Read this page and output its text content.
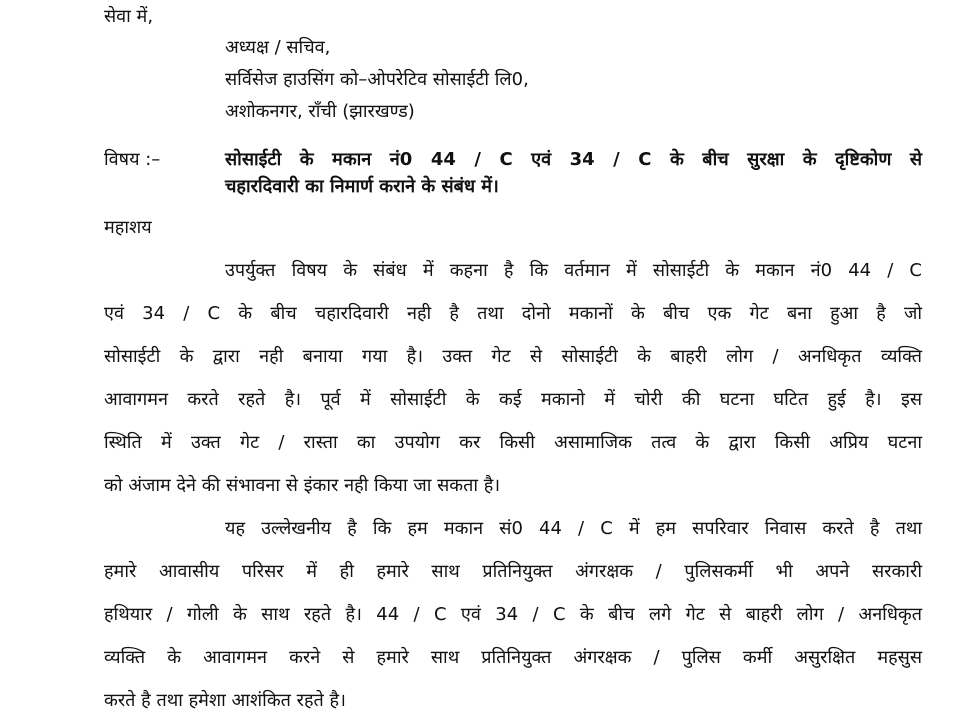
सेवा में,
अध्यक्ष / सचिव,
सर्विसेज हाउसिंग को–ओपरेटिव सोसाईटी लि0,
अशोकनगर, राँची (झारखण्ड)
विषय :–	सोसाईटी के मकान नं0 44 / C एवं 34 / C के बीच सुरक्षा के दृष्टिकोण से
चहारदिवारी का निमार्ण कराने के संबंध में।
महाशय
उपर्युक्त विषय के संबंध में कहना है कि वर्तमान में सोसाईटी के मकान नं0 44 / C
एवं 34 / C के बीच चहारदिवारी नही है तथा दोनो मकानों के बीच एक गेट बना हुआ है जो
सोसाईटी के द्वारा नही बनाया गया है। उक्त गेट से सोसाईटी के बाहरी लोग / अनधिकृत व्यक्ति
आवागमन करते रहते है। पूर्व में सोसाईटी के कई मकानो में चोरी की घटना घटित हुई है। इस
स्थिति में उक्त गेट / रास्ता का उपयोग कर किसी असामाजिक तत्व के द्वारा किसी अप्रिय घटना
को अंजाम देने की संभावना से इंकार नही किया जा सकता है।
यह उल्लेखनीय है कि हम मकान सं0 44 / C में हम सपरिवार निवास करते है तथा
हमारे आवासीय परिसर में ही हमारे साथ प्रतिनियुक्त अंगरक्षक / पुलिसकर्मी भी अपने सरकारी
हथियार / गोली के साथ रहते है। 44 / C एवं 34 / C के बीच लगे गेट से बाहरी लोग / अनधिकृत
व्यक्ति के आवागमन करने से हमारे साथ प्रतिनियुक्त अंगरक्षक / पुलिस कर्मी असुरक्षित महसुस
करते है तथा हमेशा आशंकित रहते है।
